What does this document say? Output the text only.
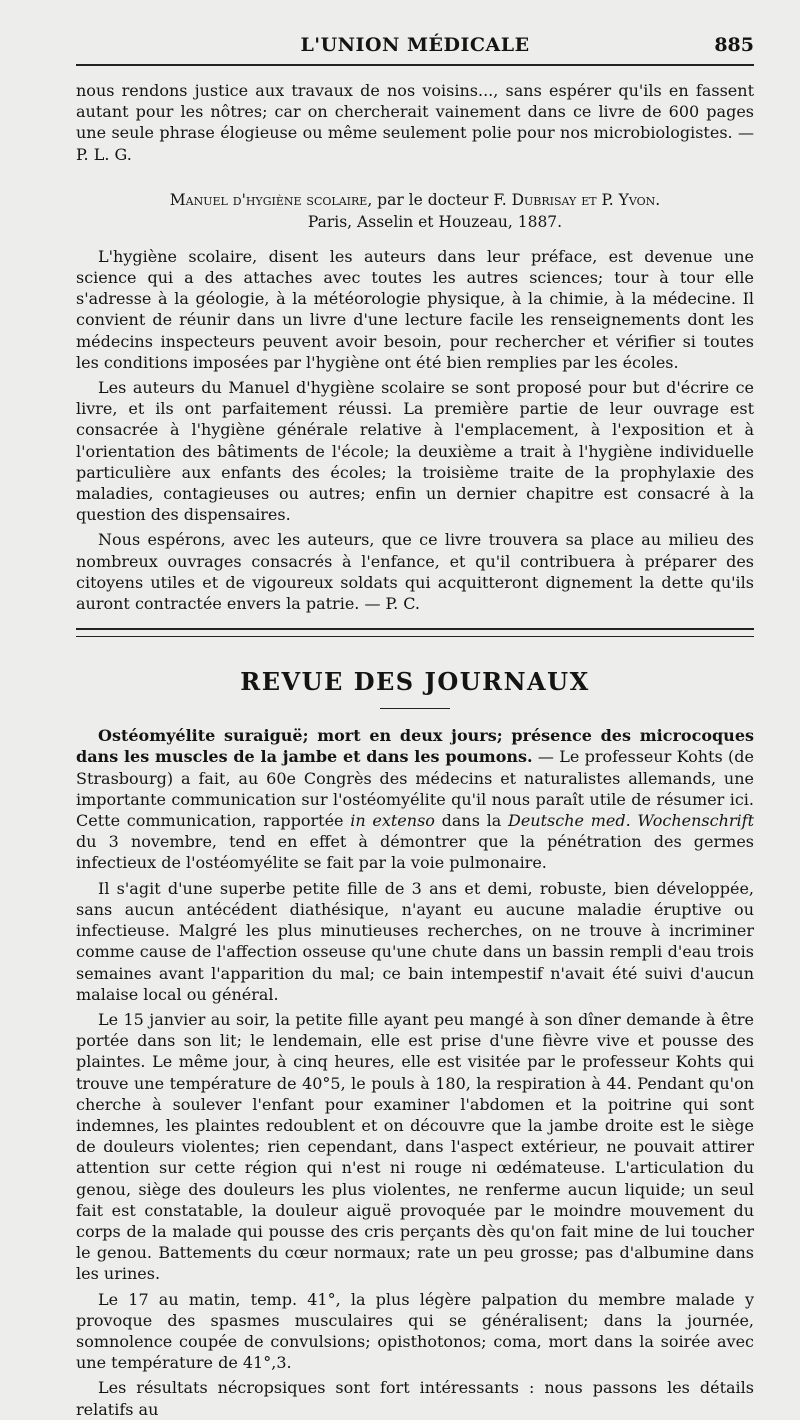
L'UNION MÉDICALE	885

nous rendons justice aux travaux de nos voisins..., sans espérer qu'ils en fassent autant pour les nôtres; car on chercherait vainement dans ce livre de 600 pages une seule phrase élogieuse ou même seulement polie pour nos microbiologistes. — P. L. G.

Manuel d'hygiène scolaire, par le docteur F. Dubrisay et P. Yvon.
Paris, Asselin et Houzeau, 1887.

L'hygiène scolaire, disent les auteurs dans leur préface, est devenue une science qui a des attaches avec toutes les autres sciences; tour à tour elle s'adresse à la géologie, à la météorologie physique, à la chimie, à la médecine. Il convient de réunir dans un livre d'une lecture facile les renseignements dont les médecins inspecteurs peuvent avoir besoin, pour rechercher et vérifier si toutes les conditions imposées par l'hygiène ont été bien remplies par les écoles.

Les auteurs du Manuel d'hygiène scolaire se sont proposé pour but d'écrire ce livre, et ils ont parfaitement réussi. La première partie de leur ouvrage est consacrée à l'hygiène générale relative à l'emplacement, à l'exposition et à l'orientation des bâtiments de l'école; la deuxième a trait à l'hygiène individuelle particulière aux enfants des écoles; la troisième traite de la prophylaxie des maladies, contagieuses ou autres; enfin un dernier chapitre est consacré à la question des dispensaires.

Nous espérons, avec les auteurs, que ce livre trouvera sa place au milieu des nombreux ouvrages consacrés à l'enfance, et qu'il contribuera à préparer des citoyens utiles et de vigoureux soldats qui acquitteront dignement la dette qu'ils auront contractée envers la patrie. — P. C.

REVUE DES JOURNAUX

Ostéomyélite suraiguë; mort en deux jours; présence des microcoques dans les muscles de la jambe et dans les poumons. — Le professeur Kohts (de Strasbourg) a fait, au 60e Congrès des médecins et naturalistes allemands, une importante communication sur l'ostéomyélite qu'il nous paraît utile de résumer ici. Cette communication, rapportée in extenso dans la Deutsche med. Wochenschrift du 3 novembre, tend en effet à démontrer que la pénétration des germes infectieux de l'ostéomyélite se fait par la voie pulmonaire.

Il s'agit d'une superbe petite fille de 3 ans et demi, robuste, bien développée, sans aucun antécédent diathésique, n'ayant eu aucune maladie éruptive ou infectieuse. Malgré les plus minutieuses recherches, on ne trouve à incriminer comme cause de l'affection osseuse qu'une chute dans un bassin rempli d'eau trois semaines avant l'apparition du mal; ce bain intempestif n'avait été suivi d'aucun malaise local ou général.

Le 15 janvier au soir, la petite fille ayant peu mangé à son dîner demande à être portée dans son lit; le lendemain, elle est prise d'une fièvre vive et pousse des plaintes. Le même jour, à cinq heures, elle est visitée par le professeur Kohts qui trouve une température de 40°5, le pouls à 180, la respiration à 44. Pendant qu'on cherche à soulever l'enfant pour examiner l'abdomen et la poitrine qui sont indemnes, les plaintes redoublent et on découvre que la jambe droite est le siège de douleurs violentes; rien cependant, dans l'aspect extérieur, ne pouvait attirer attention sur cette région qui n'est ni rouge ni œdémateuse. L'articulation du genou, siège des douleurs les plus violentes, ne renferme aucun liquide; un seul fait est constatable, la douleur aiguë provoquée par le moindre mouvement du corps de la malade qui pousse des cris perçants dès qu'on fait mine de lui toucher le genou. Battements du cœur normaux; rate un peu grosse; pas d'albumine dans les urines.

Le 17 au matin, temp. 41°, la plus légère palpation du membre malade y provoque des spasmes musculaires qui se généralisent; dans la journée, somnolence coupée de convulsions; opisthotonos; coma, mort dans la soirée avec une température de 41°,3.

Les résultats nécropsiques sont fort intéressants : nous passons les détails relatifs au
